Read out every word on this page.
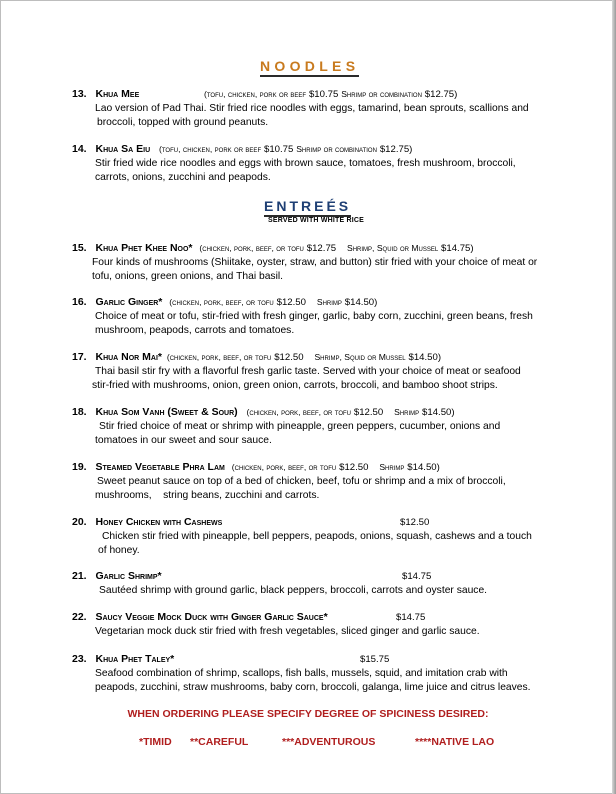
NOODLES
ENTREÉS
SERVED WITH WHITE RICE
13. Khua Mee	(tofu, chicken, pork or beef $10.75 Shrimp or combination $12.75)
Lao version of Pad Thai. Stir fried rice noodles with eggs, tamarind, bean sprouts, scallions and
broccoli, topped with ground peanuts.
14. Khua Sa Eiu (tofu, chicken, pork or beef $10.75 Shrimp or combination $12.75)
Stir fried wide rice noodles and eggs with brown sauce, tomatoes, fresh mushroom, broccoli,
carrots, onions, zucchini and peapods.
15. Khua Phet Khee Noo* (chicken, pork, beef, or tofu $12.75 Shrimp, Squid or Mussel $14.75)
Four kinds of mushrooms (Shiitake, oyster, straw, and button) stir fried with your choice of meat or
tofu, onions, green onions, and Thai basil.
16. Garlic Ginger* (chicken, pork, beef, or tofu $12.50 Shrimp $14.50)
Choice of meat or tofu, stir-fried with fresh ginger, garlic, baby corn, zucchini, green beans, fresh
mushroom, peapods, carrots and tomatoes.
17. Khua Nor Mai* (chicken, pork, beef, or tofu $12.50 Shrimp, Squid or Mussel $14.50)
Thai basil stir fry with a flavorful fresh garlic taste. Served with your choice of meat or seafood
stir-fried with mushrooms, onion, green onion, carrots, broccoli, and bamboo shoot strips.
18. Khua Som Vanh (Sweet & Sour) (chicken, pork, beef, or tofu $12.50 Shrimp $14.50)
Stir fried choice of meat or shrimp with pineapple, green peppers, cucumber, onions and
tomatoes in our sweet and sour sauce.
19. Steamed Vegetable Phra Lam (chicken, pork, beef, or tofu $12.50 Shrimp $14.50)
Sweet peanut sauce on top of a bed of chicken, beef, tofu or shrimp and a mix of broccoli,
mushrooms,    string beans, zucchini and carrots.
20. Honey Chicken with Cashews	$12.50
Chicken stir fried with pineapple, bell peppers, peapods, onions, squash, cashews and a touch
of honey.
21. Garlic Shrimp*	$14.75
Sautéed shrimp with ground garlic, black peppers, broccoli, carrots and oyster sauce.
22. Saucy Veggie Mock Duck with Ginger Garlic Sauce*	$14.75
Vegetarian mock duck stir fried with fresh vegetables, sliced ginger and garlic sauce.
23. Khua Phet Taley*	$15.75
Seafood combination of shrimp, scallops, fish balls, mussels, squid, and imitation crab with
peapods, zucchini, straw mushrooms, baby corn, broccoli, galanga, lime juice and citrus leaves.
WHEN ORDERING PLEASE SPECIFY DEGREE OF SPICINESS DESIRED:
*TIMID **CAREFUL	***ADVENTUROUS	****NATIVE LAO
